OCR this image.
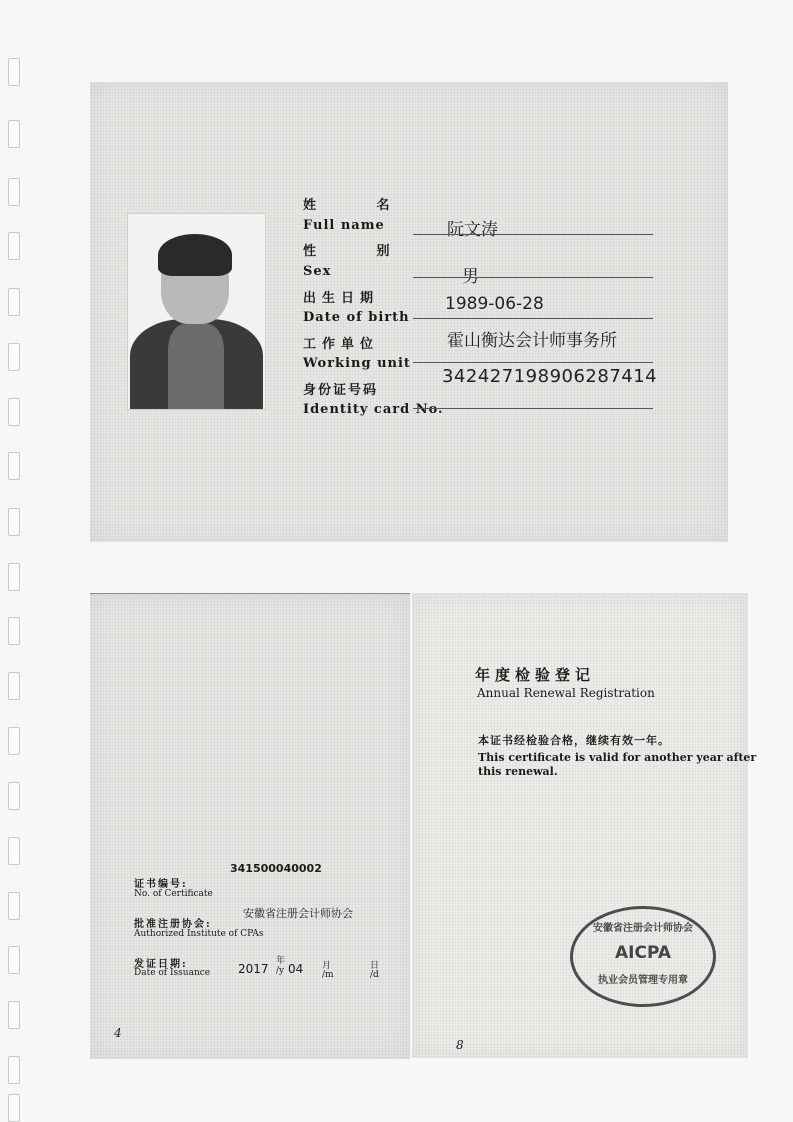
姓 名
Full name	阮文涛
性 别
Sex	男
出生日期
Date of birth
1989-06-28
工作单位
Working unit
霍山衡达会计师事务所
身份证号码
Identity card No.
342427198906287414
341500040002
证书编号:
No. of Certificate
安徽省注册会计师协会
批准注册协会:
Authorized Institute of CPAs
发证日期:
Date of Issuance 2017
年
/y 04 月
/m
日
/d
4
年度检验登记
Annual Renewal Registration
本证书经检验合格，继续有效一年。
This certificate is valid for another year after
this renewal.
安徽省注册会计师协会
AICPA
执业会员管理专用章
8
